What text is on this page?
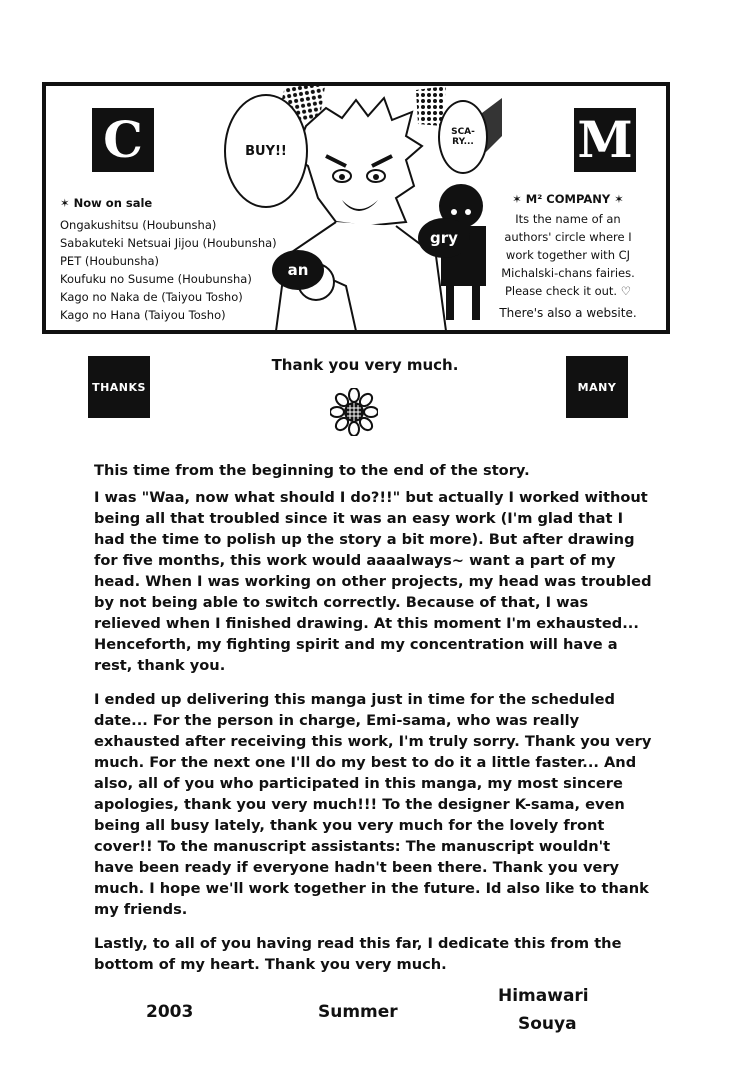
C	M
BUY!!
SCA- RY...
an
gry
✶ Now on sale
Ongakushitsu (Houbunsha)
Sabakuteki Netsuai Jijou (Houbunsha)
PET (Houbunsha)
Koufuku no Susume (Houbunsha)
Kago no Naka de (Taiyou Tosho)
Kago no Hana (Taiyou Tosho)
✶ M² COMPANY ✶
Its the name of an
authors' circle where I
work together with CJ
Michalski-chans fairies.
Please check it out. ♡
There's also a website.
THANKS	MANY
Thank you very much.

This time from the beginning to the end of the story.

I was "Waa, now what should I do?!!" but actually I worked without being all that troubled since it was an easy work (I'm glad that I had the time to polish up the story a bit more). But after drawing for five months, this work would aaaalways~ want a part of my head. When I was working on other projects, my head was troubled by not being able to switch correctly. Because of that, I was relieved when I finished drawing. At this moment I'm exhausted... Henceforth, my fighting spirit and my concentration will have a rest, thank you.

I ended up delivering this manga just in time for the scheduled date... For the person in charge, Emi-sama, who was really exhausted after receiving this work, I'm truly sorry. Thank you very much. For the next one I'll do my best to do it a little faster... And also, all of you who participated in this manga, my most sincere apologies, thank you very much!!! To the designer K-sama, even being all busy lately, thank you very much for the lovely front cover!! To the manuscript assistants: The manuscript wouldn't have been ready if everyone hadn't been there. Thank you very much. I hope we'll work together in the future. Id also like to thank my friends.

Lastly, to all of you having read this far, I dedicate this from the bottom of my heart. Thank you very much.

2003	Summer
Himawari
Souya
